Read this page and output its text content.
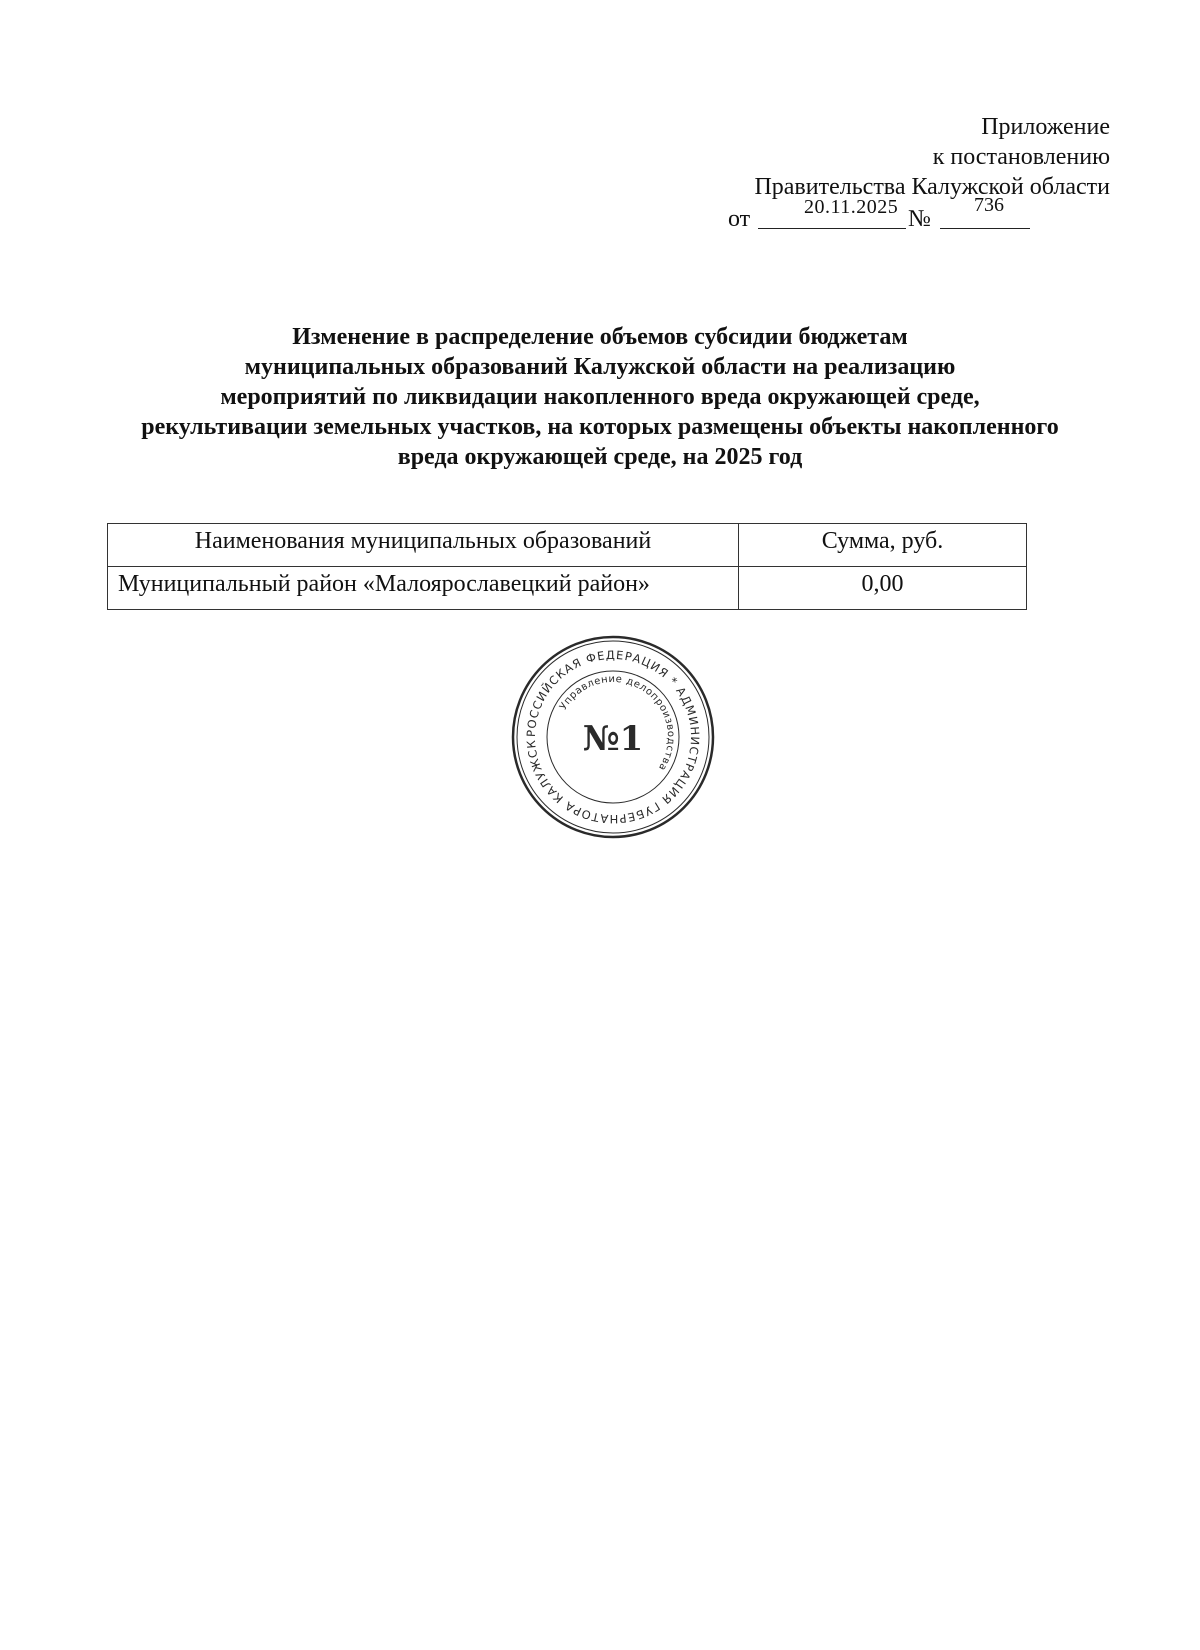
Приложение
к постановлению
Правительства Калужской области
от	20.11.2025 №
736
Изменение в распределение объемов субсидии бюджетам
муниципальных образований Калужской области на реализацию
мероприятий по ликвидации накопленного вреда окружающей среде,
рекультивации земельных участков, на которых размещены объекты накопленного
вреда окружающей среде, на 2025 год
Наименования муниципальных образований	Сумма, руб.
Муниципальный район «Малоярославецкий район»	0,00
РОССИЙСКАЯ ФЕДЕРАЦИЯ * АДМИНИСТРАЦИЯ ГУБЕРНАТОРА КАЛУЖСК
Управление делопроизводства
№1
